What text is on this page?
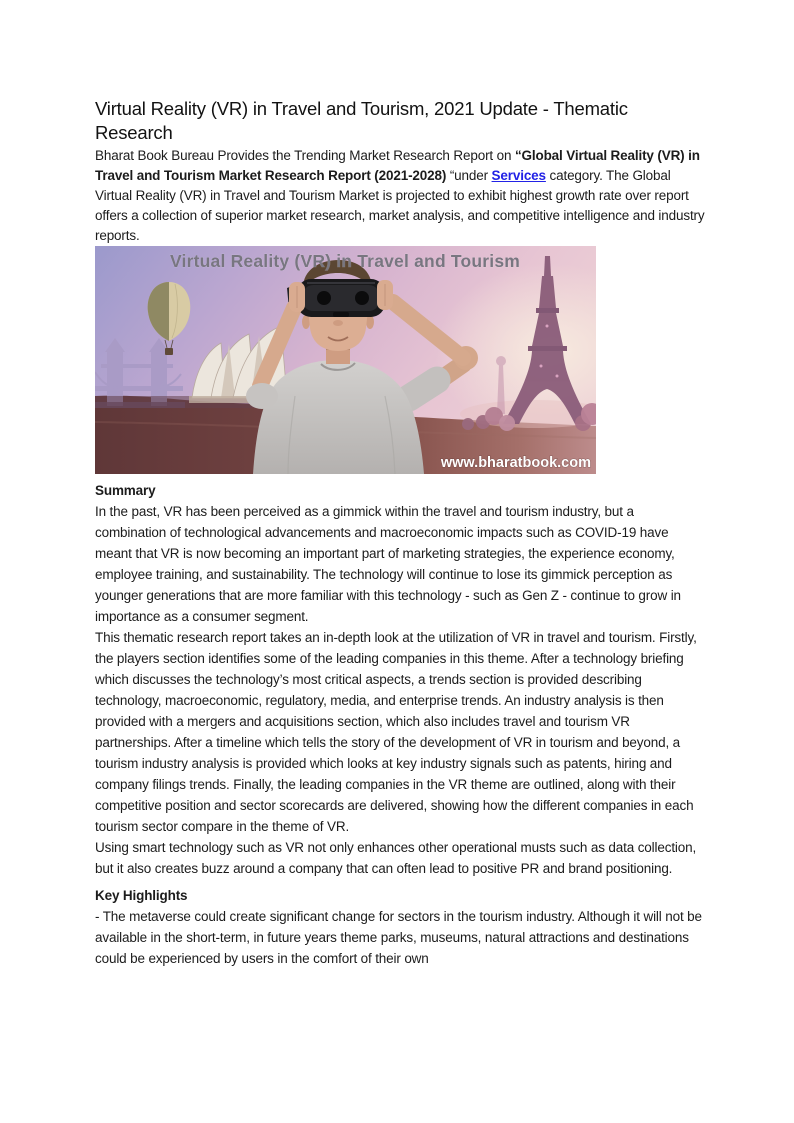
Virtual Reality (VR) in Travel and Tourism, 2021 Update - Thematic Research

Bharat Book Bureau Provides the Trending Market Research Report on “Global Virtual Reality (VR) in Travel and Tourism Market Research Report (2021-2028) “under Services category. The Global Virtual Reality (VR) in Travel and Tourism Market is projected to exhibit highest growth rate over report offers a collection of superior market research, market analysis, and competitive intelligence and industry reports.

Virtual Reality (VR) in Travel and Tourism
www.bharatbook.com
Summary

In the past, VR has been perceived as a gimmick within the travel and tourism industry, but a combination of technological advancements and macroeconomic impacts such as COVID-19 have meant that VR is now becoming an important part of marketing strategies, the experience economy, employee training, and sustainability. The technology will continue to lose its gimmick perception as younger generations that are more familiar with this technology - such as Gen Z - continue to grow in importance as a consumer segment.

This thematic research report takes an in-depth look at the utilization of VR in travel and tourism. Firstly, the players section identifies some of the leading companies in this theme. After a technology briefing which discusses the technology’s most critical aspects, a trends section is provided describing technology, macroeconomic, regulatory, media, and enterprise trends. An industry analysis is then provided with a mergers and acquisitions section, which also includes travel and tourism VR partnerships. After a timeline which tells the story of the development of VR in tourism and beyond, a tourism industry analysis is provided which looks at key industry signals such as patents, hiring and company filings trends. Finally, the leading companies in the VR theme are outlined, along with their competitive position and sector scorecards are delivered, showing how the different companies in each tourism sector compare in the theme of VR.

Using smart technology such as VR not only enhances other operational musts such as data collection, but it also creates buzz around a company that can often lead to positive PR and brand positioning.

Key Highlights

- The metaverse could create significant change for sectors in the tourism industry. Although it will not be available in the short-term, in future years theme parks, museums, natural attractions and destinations could be experienced by users in the comfort of their own
